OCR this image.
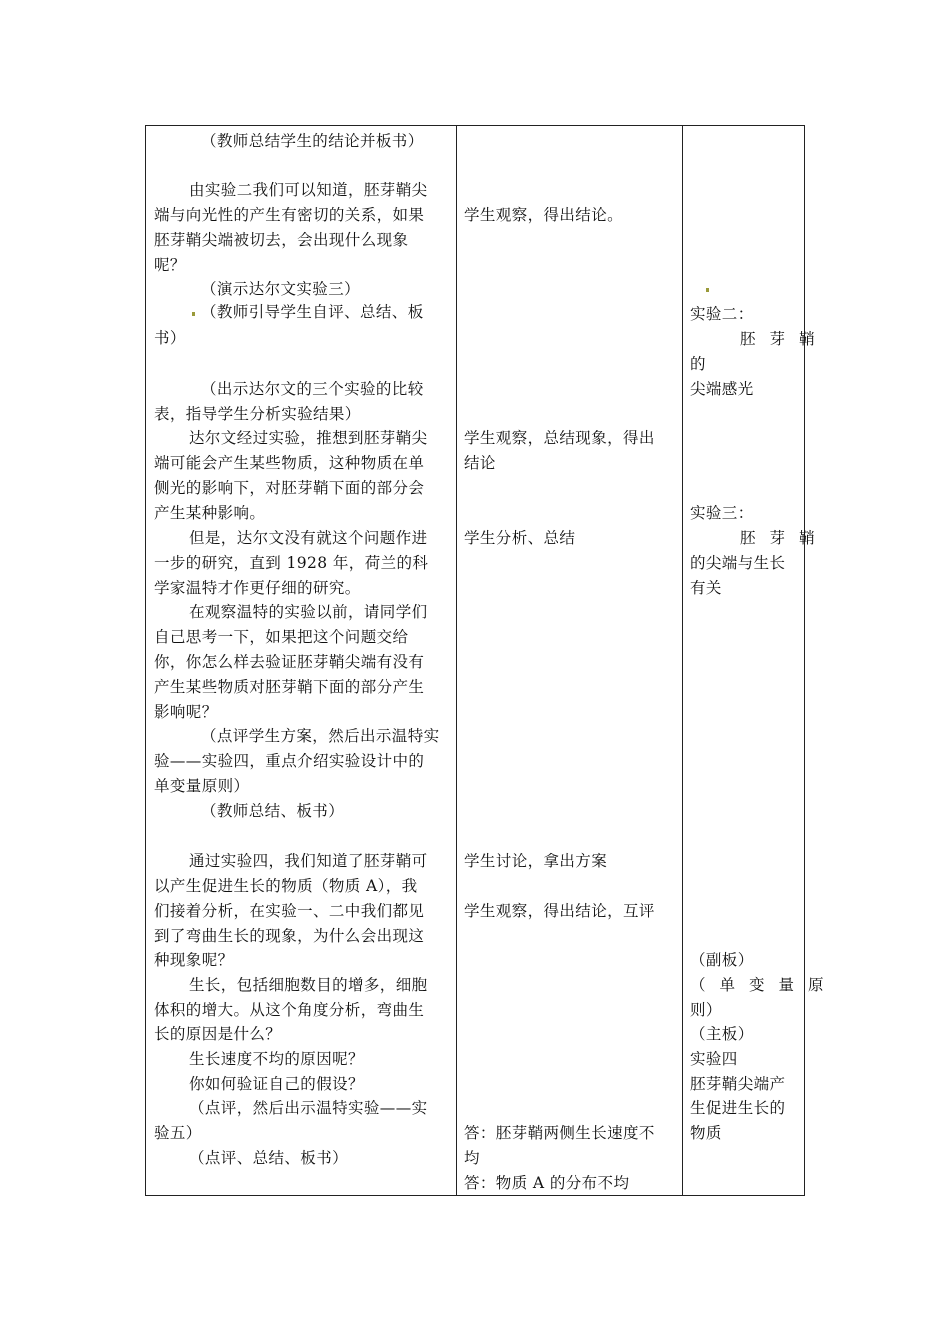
（教师总结学生的结论并板书）
由实验二我们可以知道，胚芽鞘尖
端与向光性的产生有密切的关系，如果
胚芽鞘尖端被切去，会出现什么现象
呢？
（演示达尔文实验三）
（教师引导学生自评、总结、板
书）
（出示达尔文的三个实验的比较
表，指导学生分析实验结果）
达尔文经过实验，推想到胚芽鞘尖
端可能会产生某些物质，这种物质在单
侧光的影响下，对胚芽鞘下面的部分会
产生某种影响。
但是，达尔文没有就这个问题作进
一步的研究，直到 1928 年，荷兰的科
学家温特才作更仔细的研究。
在观察温特的实验以前，请同学们
自己思考一下，如果把这个问题交给
你，你怎么样去验证胚芽鞘尖端有没有
产生某些物质对胚芽鞘下面的部分产生
影响呢？
（点评学生方案，然后出示温特实
验——实验四，重点介绍实验设计中的
单变量原则）
（教师总结、板书）
通过实验四，我们知道了胚芽鞘可
以产生促进生长的物质（物质 A），我
们接着分析，在实验一、二中我们都见
到了弯曲生长的现象，为什么会出现这
种现象呢？
生长，包括细胞数目的增多，细胞
体积的增大。从这个角度分析，弯曲生
长的原因是什么？
生长速度不均的原因呢？
你如何验证自己的假设？
（点评，然后出示温特实验——实
验五）
（点评、总结、板书）
学生观察，得出结论。
学生观察，总结现象，得出
结论
学生分析、总结
学生讨论，拿出方案
学生观察，得出结论，互评
答：胚芽鞘两侧生长速度不
均
答：物质 A 的分布不均
实验二：
胚芽鞘
的
尖端感光
实验三：
胚芽鞘
的尖端与生长
有关
（副板）
（单变量原
则）
（主板）
实验四
胚芽鞘尖端产
生促进生长的
物质
